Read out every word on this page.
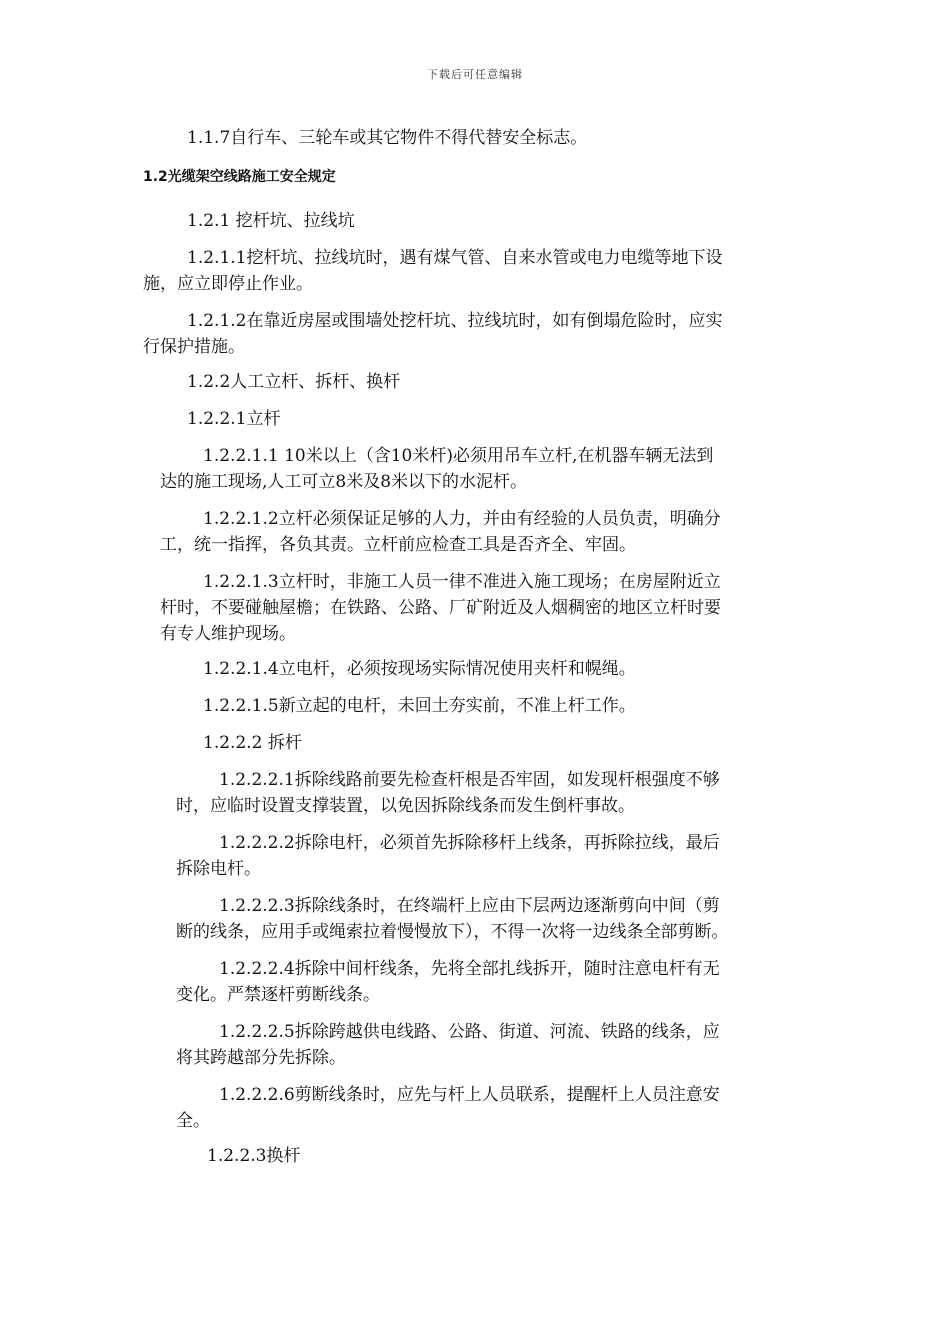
下载后可任意编辑
1.1.7自行车、三轮车或其它物件不得代替安全标志。
1.2光缆架空线路施工安全规定
1.2.1 挖杆坑、拉线坑
1.2.1.1挖杆坑、拉线坑时，遇有煤气管、自来水管或电力电缆等地下设
施，应立即停止作业。
1.2.1.2在靠近房屋或围墙处挖杆坑、拉线坑时，如有倒塌危险时，应实
行保护措施。
1.2.2人工立杆、拆杆、换杆
1.2.2.1立杆
1.2.2.1.1 10米以上（含10米杆)必须用吊车立杆,在机器车辆无法到
达的施工现场,人工可立8米及8米以下的水泥杆。
1.2.2.1.2立杆必须保证足够的人力，并由有经验的人员负责，明确分
工，统一指挥，各负其责。立杆前应检查工具是否齐全、牢固。
1.2.2.1.3立杆时，非施工人员一律不准进入施工现场；在房屋附近立
杆时，不要碰触屋檐；在铁路、公路、厂矿附近及人烟稠密的地区立杆时要
有专人维护现场。
1.2.2.1.4立电杆，必须按现场实际情况使用夹杆和幌绳。
1.2.2.1.5新立起的电杆，未回土夯实前，不准上杆工作。
1.2.2.2 拆杆
1.2.2.2.1拆除线路前要先检查杆根是否牢固，如发现杆根强度不够
时，应临时设置支撑装置，以免因拆除线条而发生倒杆事故。
1.2.2.2.2拆除电杆，必须首先拆除移杆上线条，再拆除拉线，最后
拆除电杆。
1.2.2.2.3拆除线条时，在终端杆上应由下层两边逐渐剪向中间（剪
断的线条，应用手或绳索拉着慢慢放下），不得一次将一边线条全部剪断。
1.2.2.2.4拆除中间杆线条，先将全部扎线拆开，随时注意电杆有无
变化。严禁逐杆剪断线条。
1.2.2.2.5拆除跨越供电线路、公路、街道、河流、铁路的线条，应
将其跨越部分先拆除。
1.2.2.2.6剪断线条时，应先与杆上人员联系，提醒杆上人员注意安
全。
1.2.2.3换杆
